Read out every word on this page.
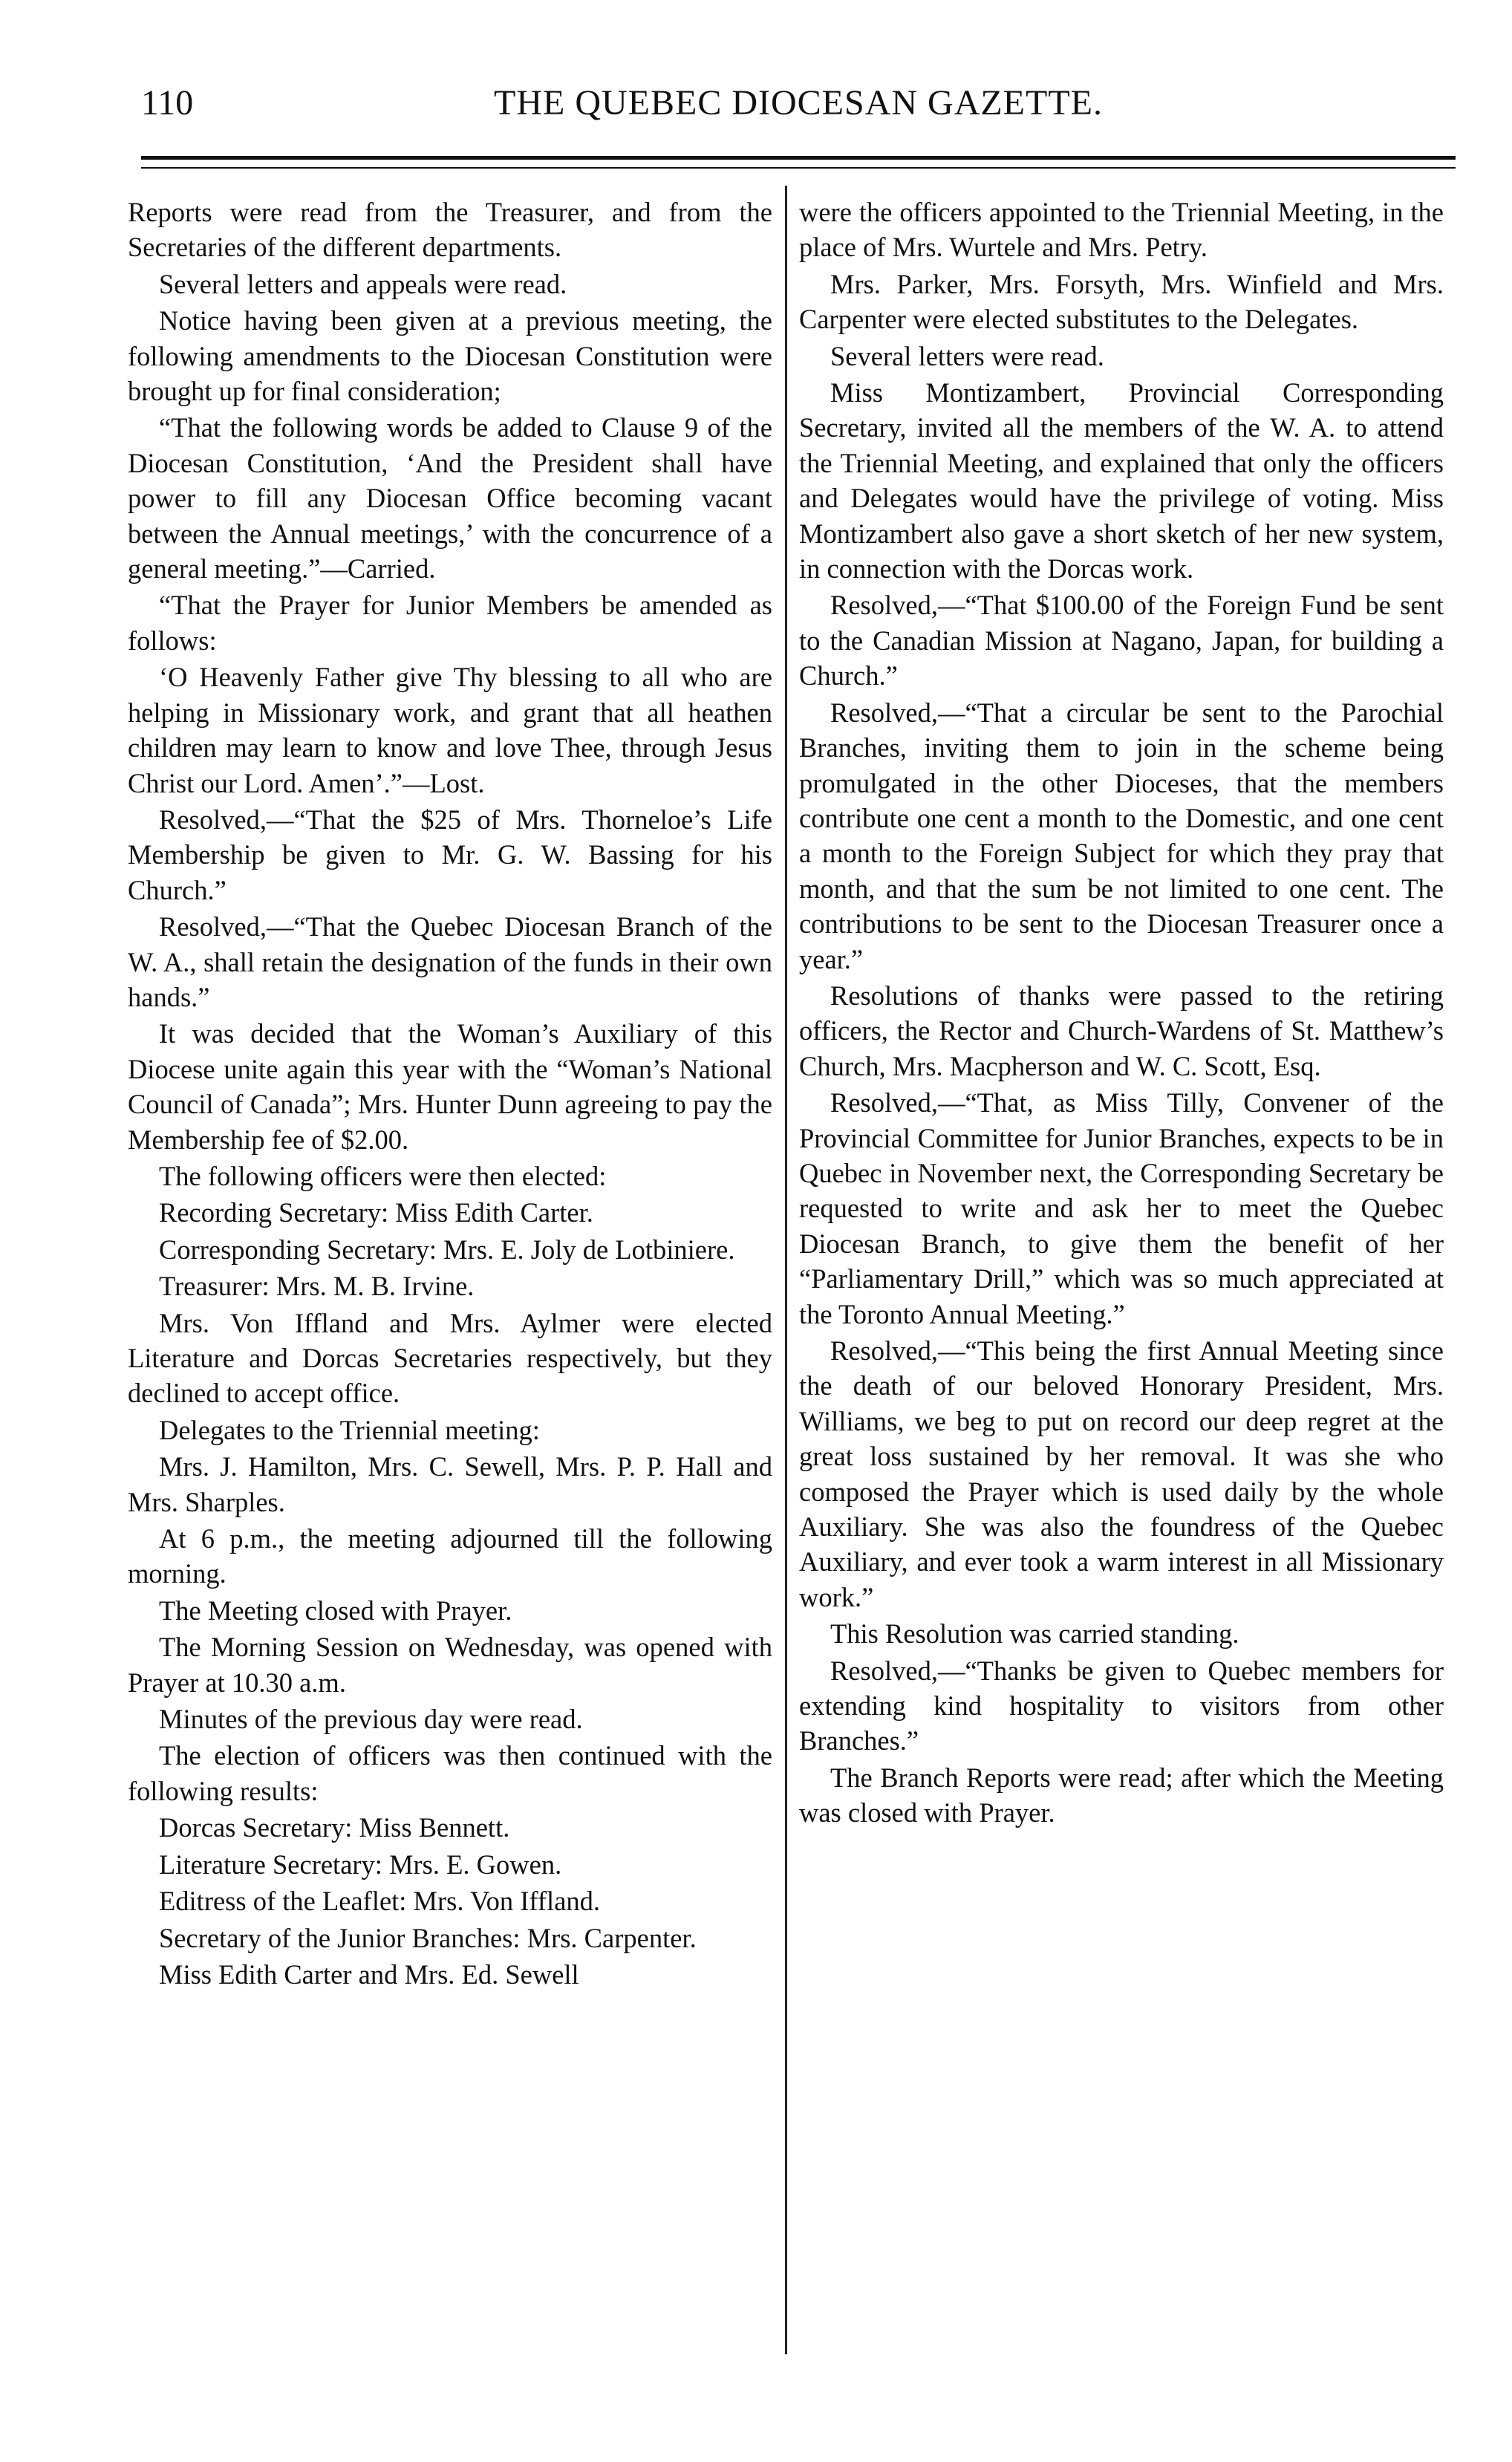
110	THE QUEBEC DIOCESAN GAZETTE.

Reports were read from the Treasurer, and from the Secretaries of the different departments.

Several letters and appeals were read.

Notice having been given at a previous meeting, the following amendments to the Diocesan Constitution were brought up for final consideration;

“That the following words be added to Clause 9 of the Diocesan Constitution, ‘And the President shall have power to fill any Diocesan Office becoming vacant between the Annual meetings,’ with the concurrence of a general meeting.”—Carried.

“That the Prayer for Junior Members be amended as follows:

‘O Heavenly Father give Thy blessing to all who are helping in Missionary work, and grant that all heathen children may learn to know and love Thee, through Jesus Christ our Lord. Amen’.”—Lost.

Resolved,—“That the $25 of Mrs. Thorneloe’s Life Membership be given to Mr. G. W. Bassing for his Church.”

Resolved,—“That the Quebec Diocesan Branch of the W. A., shall retain the designation of the funds in their own hands.”

It was decided that the Woman’s Auxiliary of this Diocese unite again this year with the “Woman’s National Council of Canada”; Mrs. Hunter Dunn agreeing to pay the Membership fee of $2.00.

The following officers were then elected:

Recording Secretary: Miss Edith Carter.

Corresponding Secretary: Mrs. E. Joly de Lotbiniere.

Treasurer: Mrs. M. B. Irvine.

Mrs. Von Iffland and Mrs. Aylmer were elected Literature and Dorcas Secretaries respectively, but they declined to accept office.

Delegates to the Triennial meeting:

Mrs. J. Hamilton, Mrs. C. Sewell, Mrs. P. P. Hall and Mrs. Sharples.

At 6 p.m., the meeting adjourned till the following morning.

The Meeting closed with Prayer.

The Morning Session on Wednesday, was opened with Prayer at 10.30 a.m.

Minutes of the previous day were read.

The election of officers was then continued with the following results:

Dorcas Secretary: Miss Bennett.

Literature Secretary: Mrs. E. Gowen.

Editress of the Leaflet: Mrs. Von Iffland.

Secretary of the Junior Branches: Mrs. Carpenter.

Miss Edith Carter and Mrs. Ed. Sewell

were the officers appointed to the Triennial Meeting, in the place of Mrs. Wurtele and Mrs. Petry.

Mrs. Parker, Mrs. Forsyth, Mrs. Winfield and Mrs. Carpenter were elected substitutes to the Delegates.

Several letters were read.

Miss Montizambert, Provincial Corresponding Secretary, invited all the members of the W. A. to attend the Triennial Meeting, and explained that only the officers and Delegates would have the privilege of voting. Miss Montizambert also gave a short sketch of her new system, in connection with the Dorcas work.

Resolved,—“That $100.00 of the Foreign Fund be sent to the Canadian Mission at Nagano, Japan, for building a Church.”

Resolved,—“That a circular be sent to the Parochial Branches, inviting them to join in the scheme being promulgated in the other Dioceses, that the members contribute one cent a month to the Domestic, and one cent a month to the Foreign Subject for which they pray that month, and that the sum be not limited to one cent. The contributions to be sent to the Diocesan Treasurer once a year.”

Resolutions of thanks were passed to the retiring officers, the Rector and Church-Wardens of St. Matthew’s Church, Mrs. Macpherson and W. C. Scott, Esq.

Resolved,—“That, as Miss Tilly, Convener of the Provincial Committee for Junior Branches, expects to be in Quebec in November next, the Corresponding Secretary be requested to write and ask her to meet the Quebec Diocesan Branch, to give them the benefit of her “Parliamentary Drill,” which was so much appreciated at the Toronto Annual Meeting.”

Resolved,—“This being the first Annual Meeting since the death of our beloved Honorary President, Mrs. Williams, we beg to put on record our deep regret at the great loss sustained by her removal. It was she who composed the Prayer which is used daily by the whole Auxiliary. She was also the foundress of the Quebec Auxiliary, and ever took a warm interest in all Missionary work.”

This Resolution was carried standing.

Resolved,—“Thanks be given to Quebec members for extending kind hospitality to visitors from other Branches.”

The Branch Reports were read; after which the Meeting was closed with Prayer.
